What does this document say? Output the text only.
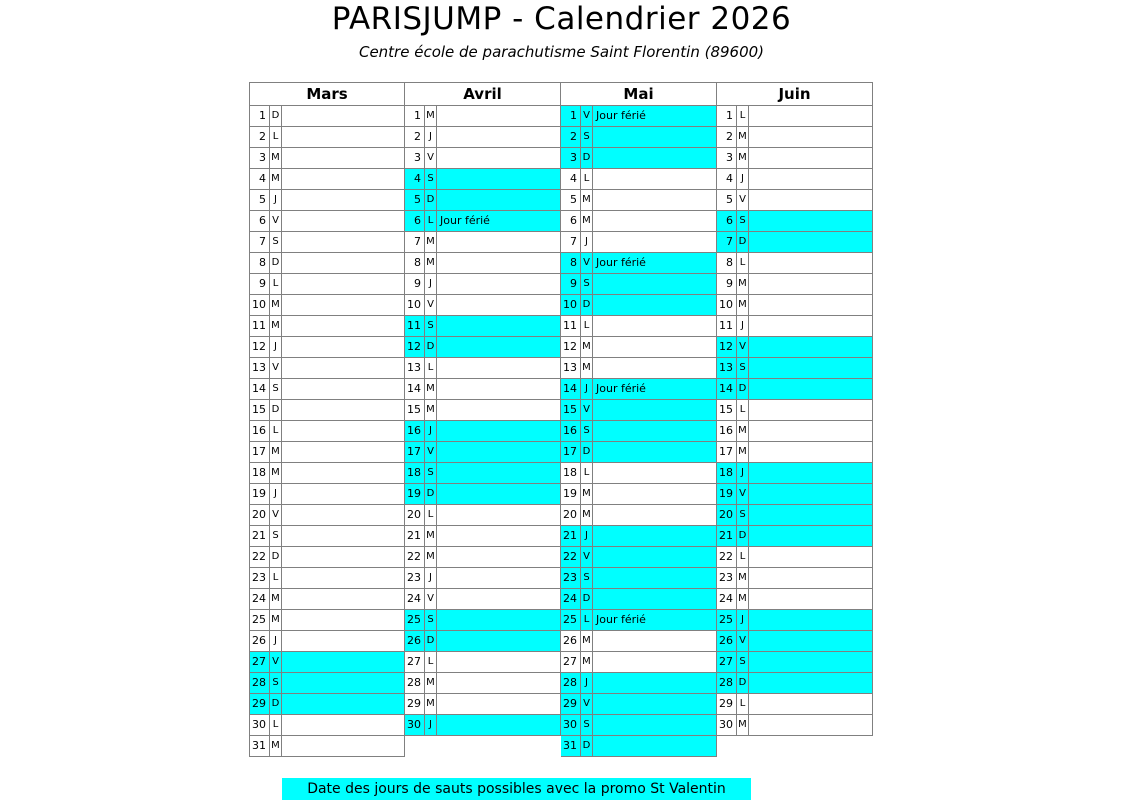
PARISJUMP - Calendrier 2026
Centre école de parachutisme Saint Florentin (89600)
Mars
1 D
2 L
3 M
4 M
5 J
6 V
7 S
8 D
9 L
10 M
11 M
12 J
13 V
14 S
15 D
16 L
17 M
18 M
19 J
20 V
21 S
22 D
23 L
24 M
25 M
26 J
27 V
28 S
29 D
30 L
31 M
Avril
1 M
2 J
3 V
4 S
5 D
6 L Jour férié
7 M
8 M
9 J
10 V
11 S
12 D
13 L
14 M
15 M
16 J
17 V
18 S
19 D
20 L
21 M
22 M
23 J
24 V
25 S
26 D
27 L
28 M
29 M
30 J
Mai
1 V Jour férié
2 S
3 D
4 L
5 M
6 M
7 J
8 V Jour férié
9 S
10 D
11 L
12 M
13 M
14 J Jour férié
15 V
16 S
17 D
18 L
19 M
20 M
21 J
22 V
23 S
24 D
25 L Jour férié
26 M
27 M
28 J
29 V
30 S
31 D
Juin
1 L
2 M
3 M
4 J
5 V
6 S
7 D
8 L
9 M
10 M
11 J
12 V
13 S
14 D
15 L
16 M
17 M
18 J
19 V
20 S
21 D
22 L
23 M
24 M
25 J
26 V
27 S
28 D
29 L
30 M
Date des jours de sauts possibles avec la promo St Valentin
